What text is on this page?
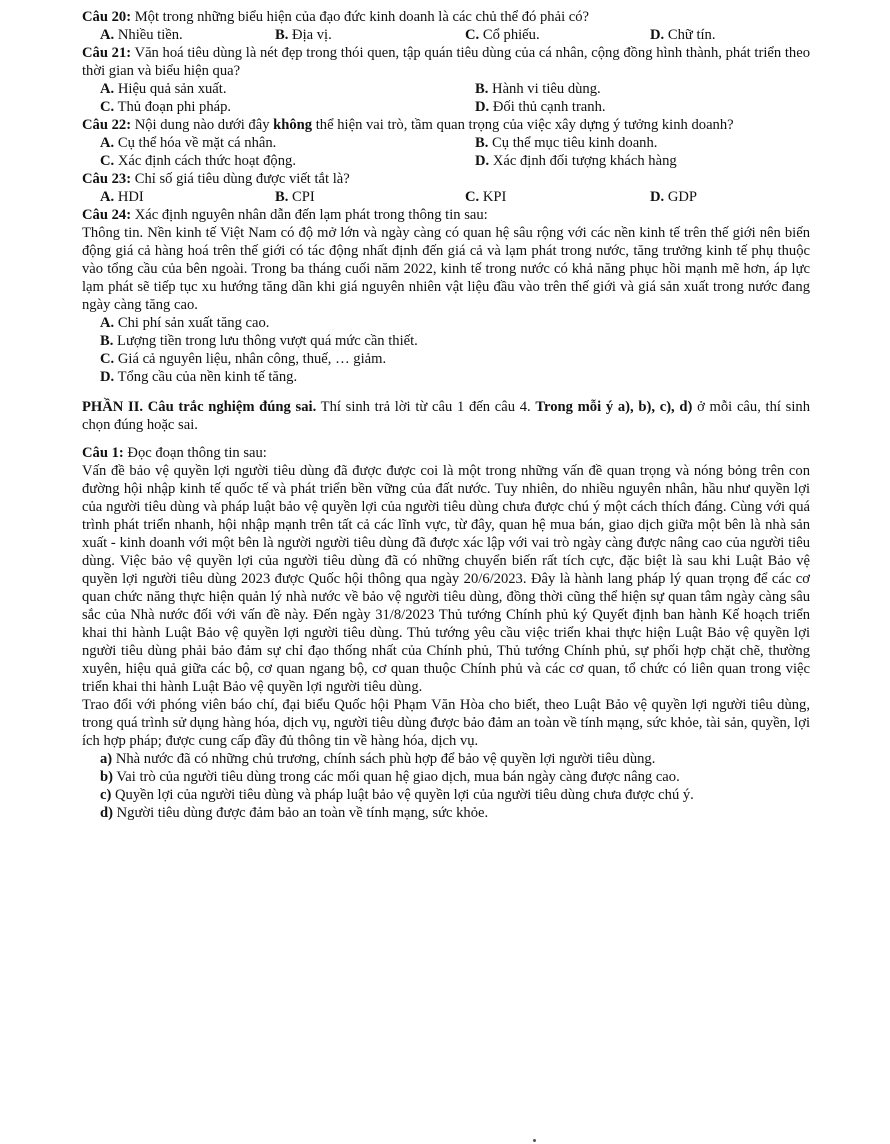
Câu 20: Một trong những biểu hiện của đạo đức kinh doanh là các chủ thể đó phải có?

A. Nhiều tiền.	B. Địa vị.	C. Cổ phiếu.	D. Chữ tín.

Câu 21: Văn hoá tiêu dùng là nét đẹp trong thói quen, tập quán tiêu dùng của cá nhân, cộng đồng hình thành, phát triển theo thời gian và biểu hiện qua?

A. Hiệu quả sản xuất.	B. Hành vi tiêu dùng.
C. Thủ đoạn phi pháp.	D. Đối thủ cạnh tranh.

Câu 22: Nội dung nào dưới đây không thể hiện vai trò, tầm quan trọng của việc xây dựng ý tưởng kinh doanh?

A. Cụ thể hóa về mặt cá nhân.	B. Cụ thể mục tiêu kinh doanh.
C. Xác định cách thức hoạt động.	D. Xác định đối tượng khách hàng

Câu 23: Chỉ số giá tiêu dùng được viết tắt là?

A. HDI	B. CPI	C. KPI	D. GDP

Câu 24: Xác định nguyên nhân dẫn đến lạm phát trong thông tin sau:

Thông tin. Nền kinh tế Việt Nam có độ mở lớn và ngày càng có quan hệ sâu rộng với các nền kinh tế trên thế giới nên biến động giá cả hàng hoá trên thế giới có tác động nhất định đến giá cả và lạm phát trong nước, tăng trưởng kinh tế phụ thuộc vào tổng cầu của bên ngoài. Trong ba tháng cuối năm 2022, kinh tế trong nước có khả năng phục hồi mạnh mẽ hơn, áp lực lạm phát sẽ tiếp tục xu hướng tăng dần khi giá nguyên nhiên vật liệu đầu vào trên thế giới và giá sản xuất trong nước đang ngày càng tăng cao.

A. Chi phí sản xuất tăng cao.
B. Lượng tiền trong lưu thông vượt quá mức cần thiết.
C. Giá cả nguyên liệu, nhân công, thuế, … giảm.
D. Tổng cầu của nền kinh tế tăng.

PHẦN II. Câu trắc nghiệm đúng sai. Thí sinh trả lời từ câu 1 đến câu 4. Trong mỗi ý a), b), c), d) ở mỗi câu, thí sinh chọn đúng hoặc sai.

Câu 1: Đọc đoạn thông tin sau:

Vấn đề bảo vệ quyền lợi người tiêu dùng đã được được coi là một trong những vấn đề quan trọng và nóng bỏng trên con đường hội nhập kinh tế quốc tế và phát triển bền vững của đất nước. Tuy nhiên, do nhiều nguyên nhân, hầu như quyền lợi của người tiêu dùng và pháp luật bảo vệ quyền lợi của người tiêu dùng chưa được chú ý một cách thích đáng. Cùng với quá trình phát triển nhanh, hội nhập mạnh trên tất cả các lĩnh vực, từ đây, quan hệ mua bán, giao dịch giữa một bên là nhà sản xuất - kinh doanh với một bên là người người tiêu dùng đã được xác lập với vai trò ngày càng được nâng cao của người tiêu dùng. Việc bảo vệ quyền lợi của người tiêu dùng đã có những chuyển biến rất tích cực, đặc biệt là sau khi Luật Bảo vệ quyền lợi người tiêu dùng 2023 được Quốc hội thông qua ngày 20/6/2023. Đây là hành lang pháp lý quan trọng để các cơ quan chức năng thực hiện quản lý nhà nước về bảo vệ người tiêu dùng, đồng thời cũng thể hiện sự quan tâm ngày càng sâu sắc của Nhà nước đối với vấn đề này. Đến ngày 31/8/2023 Thủ tướng Chính phủ ký Quyết định ban hành Kế hoạch triển khai thi hành Luật Bảo vệ quyền lợi người tiêu dùng. Thủ tướng yêu cầu việc triển khai thực hiện Luật Bảo vệ quyền lợi người tiêu dùng phải bảo đảm sự chỉ đạo thống nhất của Chính phủ, Thủ tướng Chính phủ, sự phối hợp chặt chẽ, thường xuyên, hiệu quả giữa các bộ, cơ quan ngang bộ, cơ quan thuộc Chính phủ và các cơ quan, tổ chức có liên quan trong việc triển khai thi hành Luật Bảo vệ quyền lợi người tiêu dùng.

Trao đổi với phóng viên báo chí, đại biểu Quốc hội Phạm Văn Hòa cho biết, theo Luật Bảo vệ quyền lợi người tiêu dùng, trong quá trình sử dụng hàng hóa, dịch vụ, người tiêu dùng được bảo đảm an toàn về tính mạng, sức khỏe, tài sản, quyền, lợi ích hợp pháp; được cung cấp đầy đủ thông tin về hàng hóa, dịch vụ.

a) Nhà nước đã có những chủ trương, chính sách phù hợp để bảo vệ quyền lợi người tiêu dùng.

b) Vai trò của người tiêu dùng trong các mối quan hệ giao dịch, mua bán ngày càng được nâng cao.

c) Quyền lợi của người tiêu dùng và pháp luật bảo vệ quyền lợi của người tiêu dùng chưa được chú ý.

d) Người tiêu dùng được đảm bảo an toàn về tính mạng, sức khỏe.
